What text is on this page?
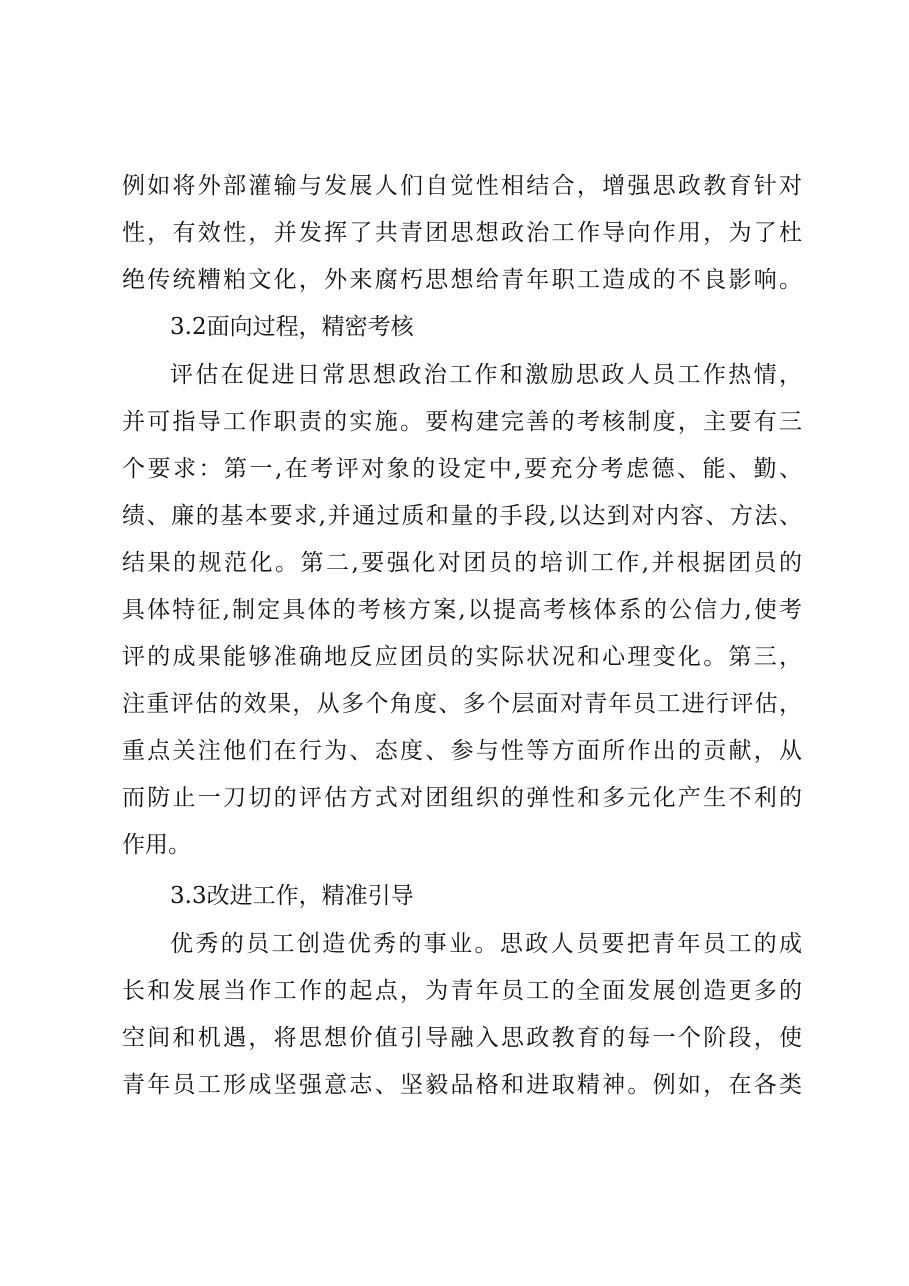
例如将外部灌输与发展人们自觉性相结合，增强思政教育针对
性，有效性，并发挥了共青团思想政治工作导向作用，为了杜
绝传统糟粕文化，外来腐朽思想给青年职工造成的不良影响。
3.2面向过程，精密考核
评估在促进日常思想政治工作和激励思政人员工作热情，
并可指导工作职责的实施。要构建完善的考核制度，主要有三
个要求：第一,在考评对象的设定中,要充分考虑德、能、勤、
绩、廉的基本要求,并通过质和量的手段,以达到对内容、方法、
结果的规范化。第二,要强化对团员的培训工作,并根据团员的
具体特征,制定具体的考核方案,以提高考核体系的公信力,使考
评的成果能够准确地反应团员的实际状况和心理变化。第三，
注重评估的效果，从多个角度、多个层面对青年员工进行评估，
重点关注他们在行为、态度、参与性等方面所作出的贡献，从
而防止一刀切的评估方式对团组织的弹性和多元化产生不利的
作用。
3.3改进工作，精准引导
优秀的员工创造优秀的事业。思政人员要把青年员工的成
长和发展当作工作的起点，为青年员工的全面发展创造更多的
空间和机遇，将思想价值引导融入思政教育的每一个阶段，使
青年员工形成坚强意志、坚毅品格和进取精神。例如，在各类
